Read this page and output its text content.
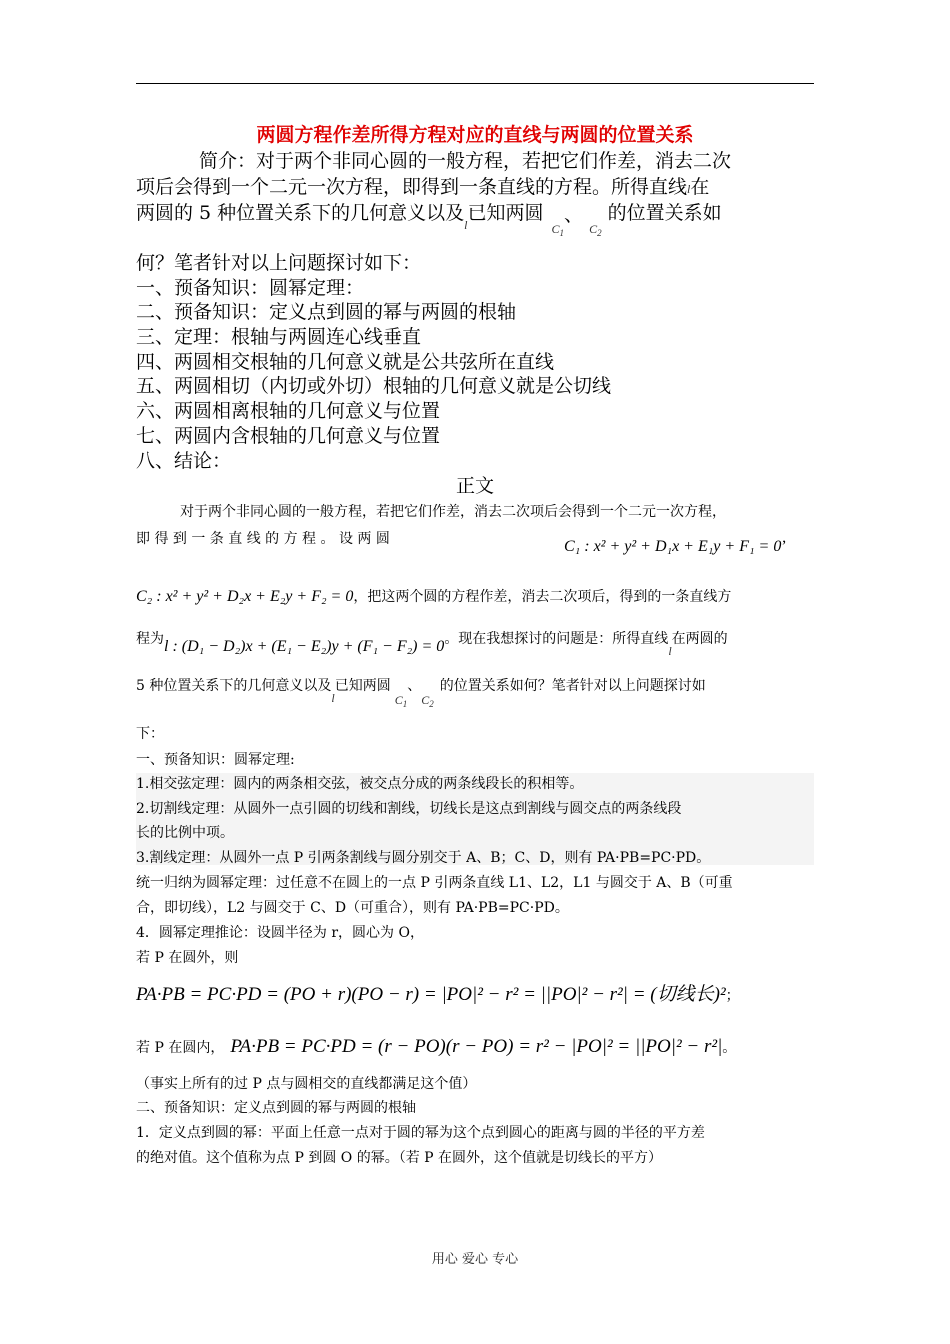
两圆方程作差所得方程对应的直线与两圆的位置关系
简介：对于两个非同心圆的一般方程，若把它们作差，消去二次
项后会得到一个二元一次方程，即得到一条直线的方程。所得直线l在
两圆的 5 种位置关系下的几何意义以及$_l$已知两圆$_{C_1}$、$_{C_2}$的位置关系如
何？笔者针对以上问题探讨如下：
一、预备知识：圆幂定理：
二、预备知识：定义点到圆的幂与两圆的根轴
三、定理：根轴与两圆连心线垂直
四、两圆相交根轴的几何意义就是公共弦所在直线
五、两圆相切（内切或外切）根轴的几何意义就是公切线
六、两圆相离根轴的几何意义与位置
七、两圆内含根轴的几何意义与位置
八、结论：
正文
对于两个非同心圆的一般方程，若把它们作差，消去二次项后会得到一个二元一次方程，
即 得 到 一 条 直 线 的 方 程 。 设 两 圆	C₁ : x² + y² + D₁x + E₁y + F₁ = 0’
C₂ : x² + y² + D₂x + E₂y + F₂ = 0，把这两个圆的方程作差，消去二次项后，得到的一条直线方
程为l : (D₁ − D₂)x + (E₁ − E₂)y + (F₁ − F₂) = 0。现在我想探讨的问题是：所得直线l在两圆的
5 种位置关系下的几何意义以及l已知两圆$C_1$、$C_2$的位置关系如何？笔者针对以上问题探讨如
下：
一、预备知识：圆幂定理:
1.相交弦定理：圆内的两条相交弦，被交点分成的两条线段长的积相等。
2.切割线定理：从圆外一点引圆的切线和割线，切线长是这点到割线与圆交点的两条线段
长的比例中项。
3.割线定理：从圆外一点 P 引两条割线与圆分别交于 A、B；C、D，则有 PA·PB=PC·PD。
统一归纳为圆幂定理：过任意不在圆上的一点 P 引两条直线 L1、L2，L1 与圆交于 A、B（可重
合，即切线），L2 与圆交于 C、D（可重合），则有 PA·PB=PC·PD。
4．圆幂定理推论：设圆半径为 r，圆心为 O，
若 P 在圆外，则
PA·PB = PC·PD = (PO + r)(PO − r) = |PO|² − r² = ||PO|² − r²| = (切线长)²；
若 P 在圆内， PA·PB = PC·PD = (r − PO)(r − PO) = r² − |PO|² = ||PO|² − r²|。
（事实上所有的过 P 点与圆相交的直线都满足这个值）
二、预备知识：定义点到圆的幂与两圆的根轴
1．定义点到圆的幂：平面上任意一点对于圆的幂为这个点到圆心的距离与圆的半径的平方差
的绝对值。这个值称为点 P 到圆 O 的幂。（若 P 在圆外，这个值就是切线长的平方）
用心 爱心 专心
